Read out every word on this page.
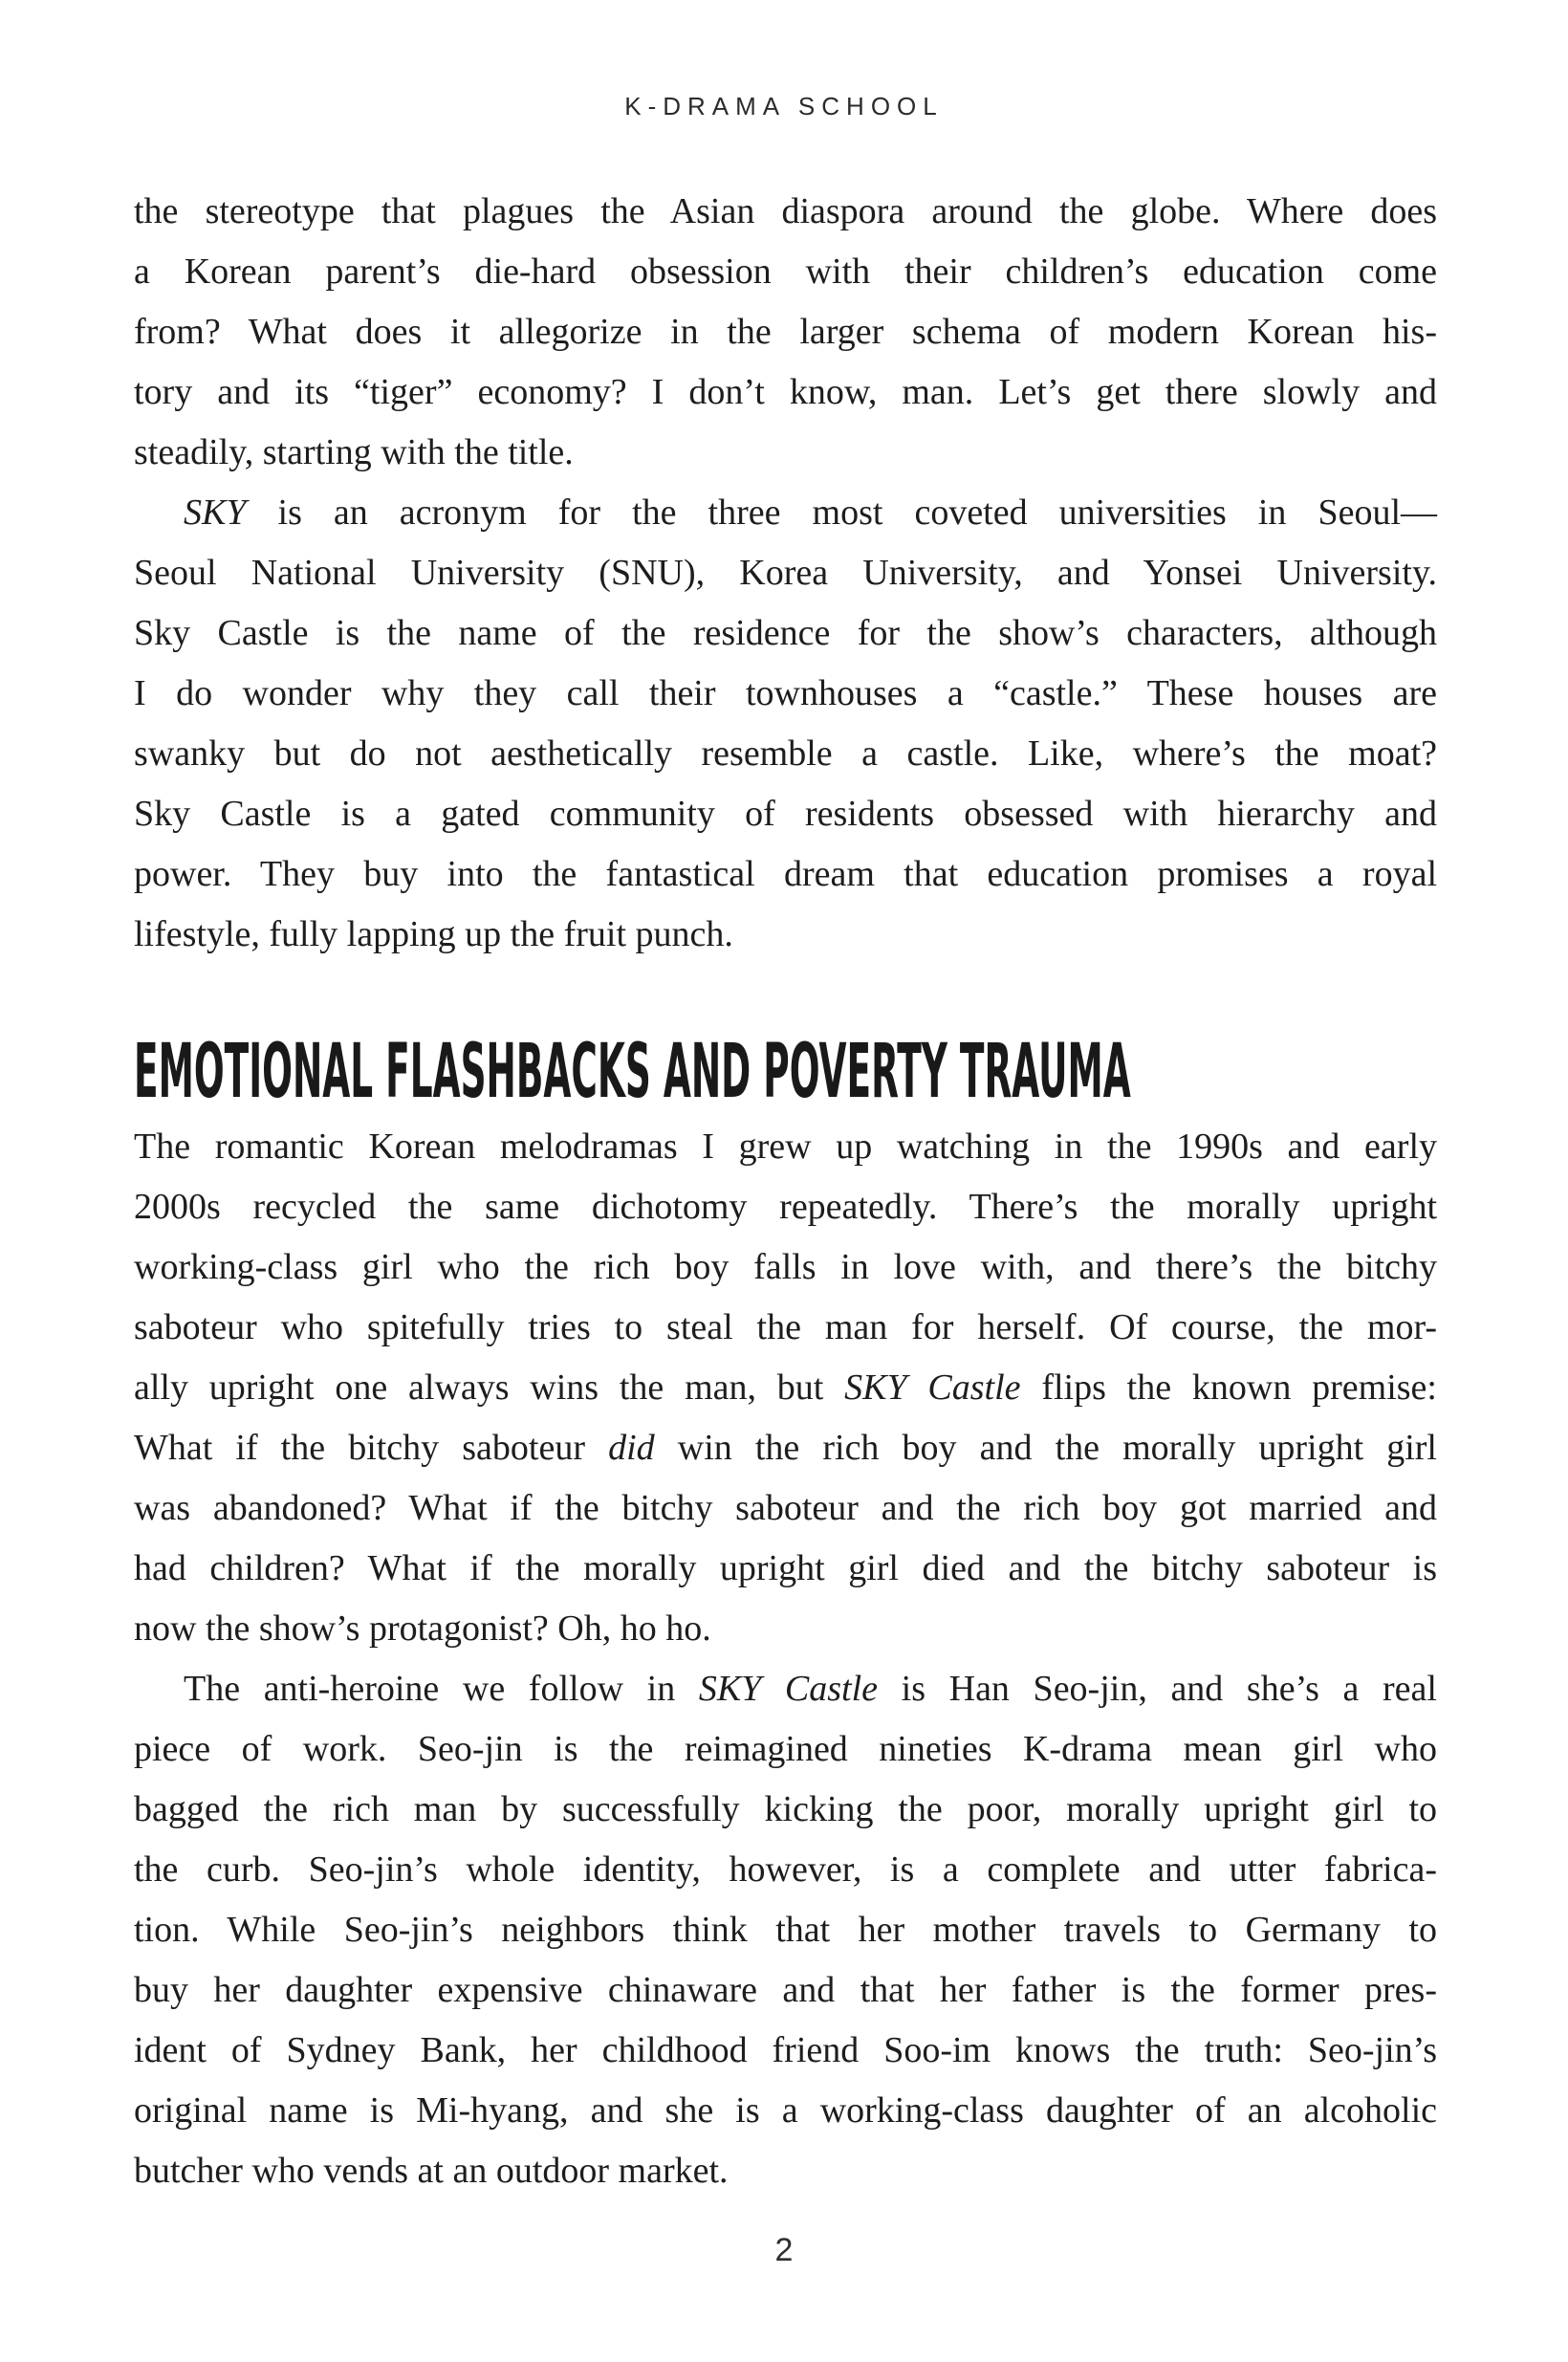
K-DRAMA SCHOOL
the stereotype that plagues the Asian diaspora around the globe. Where does
a Korean parent’s die-hard obsession with their children’s education come
from? What does it allegorize in the larger schema of modern Korean his-
tory and its “tiger” economy? I don’t know, man. Let’s get there slowly and
steadily, starting with the title.
SKY is an acronym for the three most coveted universities in Seoul—
Seoul National University (SNU), Korea University, and Yonsei University.
Sky Castle is the name of the residence for the show’s characters, although
I do wonder why they call their townhouses a “castle.” These houses are
swanky but do not aesthetically resemble a castle. Like, where’s the moat?
Sky Castle is a gated community of residents obsessed with hierarchy and
power. They buy into the fantastical dream that education promises a royal
lifestyle, fully lapping up the fruit punch.
EMOTIONAL FLASHBACKS AND POVERTY TRAUMA
The romantic Korean melodramas I grew up watching in the 1990s and early
2000s recycled the same dichotomy repeatedly. There’s the morally upright
working-class girl who the rich boy falls in love with, and there’s the bitchy
saboteur who spitefully tries to steal the man for herself. Of course, the mor-
ally upright one always wins the man, but SKY Castle flips the known premise:
What if the bitchy saboteur did win the rich boy and the morally upright girl
was abandoned? What if the bitchy saboteur and the rich boy got married and
had children? What if the morally upright girl died and the bitchy saboteur is
now the show’s protagonist? Oh, ho ho.
The anti-heroine we follow in SKY Castle is Han Seo-jin, and she’s a real
piece of work. Seo-jin is the reimagined nineties K-drama mean girl who
bagged the rich man by successfully kicking the poor, morally upright girl to
the curb. Seo-jin’s whole identity, however, is a complete and utter fabrica-
tion. While Seo-jin’s neighbors think that her mother travels to Germany to
buy her daughter expensive chinaware and that her father is the former pres-
ident of Sydney Bank, her childhood friend Soo-im knows the truth: Seo-jin’s
original name is Mi-hyang, and she is a working-class daughter of an alcoholic
butcher who vends at an outdoor market.
2
